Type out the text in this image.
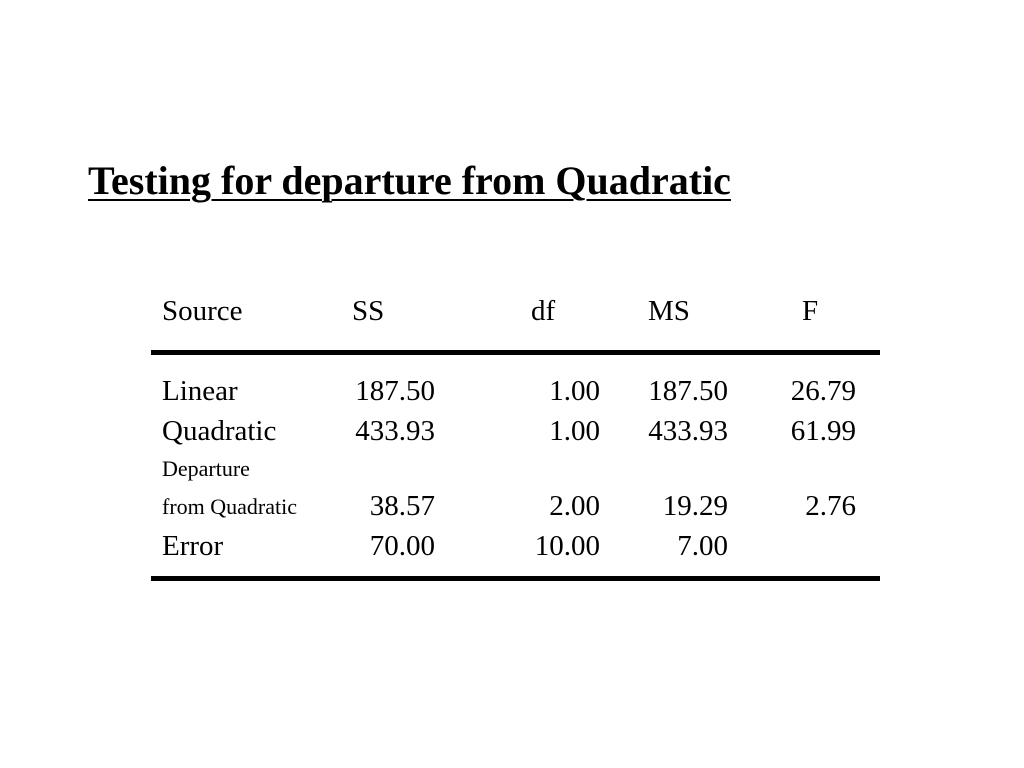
Testing for departure from Quadratic
Source	SS	df	MS	F
Linear	187.50	1.00 187.50 26.79
Quadratic	433.93	1.00 433.93 61.99
Departure
from Quadratic	38.57	2.00 19.29	2.76
Error	70.00	10.00	7.00
